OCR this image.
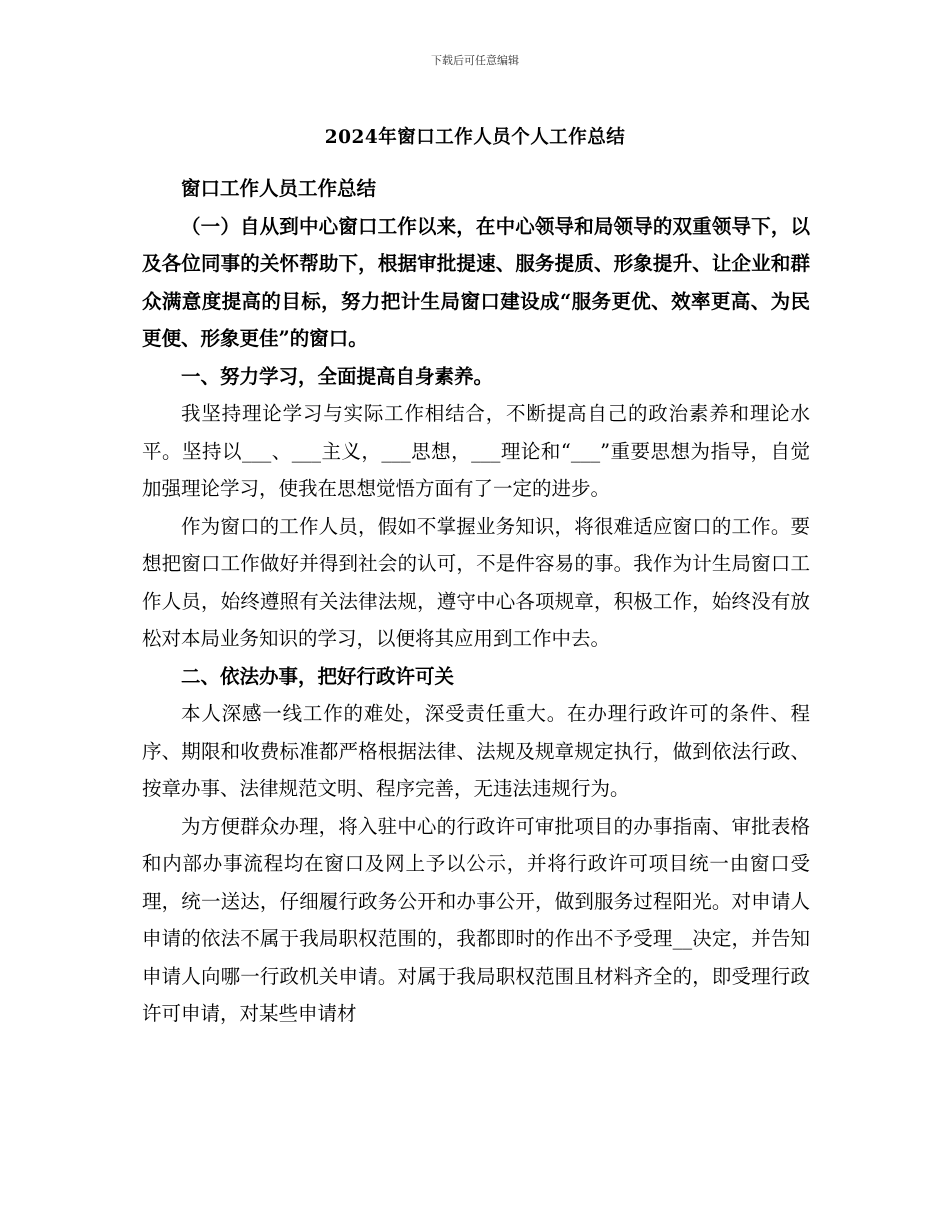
下载后可任意编辑
2024年窗口工作人员个人工作总结

窗口工作人员工作总结

（一）自从到中心窗口工作以来，在中心领导和局领导的双重领导下，以及各位同事的关怀帮助下，根据审批提速、服务提质、形象提升、让企业和群众满意度提高的目标，努力把计生局窗口建设成“服务更优、效率更高、为民更便、形象更佳”的窗口。

一、努力学习，全面提高自身素养。

我坚持理论学习与实际工作相结合，不断提高自己的政治素养和理论水平。坚持以___、___主义，___思想，___理论和“___”重要思想为指导，自觉加强理论学习，使我在思想觉悟方面有了一定的进步。

作为窗口的工作人员，假如不掌握业务知识，将很难适应窗口的工作。要想把窗口工作做好并得到社会的认可，不是件容易的事。我作为计生局窗口工作人员，始终遵照有关法律法规，遵守中心各项规章，积极工作，始终没有放松对本局业务知识的学习，以便将其应用到工作中去。

二、依法办事，把好行政许可关

本人深感一线工作的难处，深受责任重大。在办理行政许可的条件、程序、期限和收费标准都严格根据法律、法规及规章规定执行，做到依法行政、按章办事、法律规范文明、程序完善，无违法违规行为。

为方便群众办理，将入驻中心的行政许可审批项目的办事指南、审批表格和内部办事流程均在窗口及网上予以公示，并将行政许可项目统一由窗口受理，统一送达，仔细履行政务公开和办事公开，做到服务过程阳光。对申请人申请的依法不属于我局职权范围的，我都即时的作出不予受理__决定，并告知申请人向哪一行政机关申请。对属于我局职权范围且材料齐全的，即受理行政许可申请，对某些申请材
